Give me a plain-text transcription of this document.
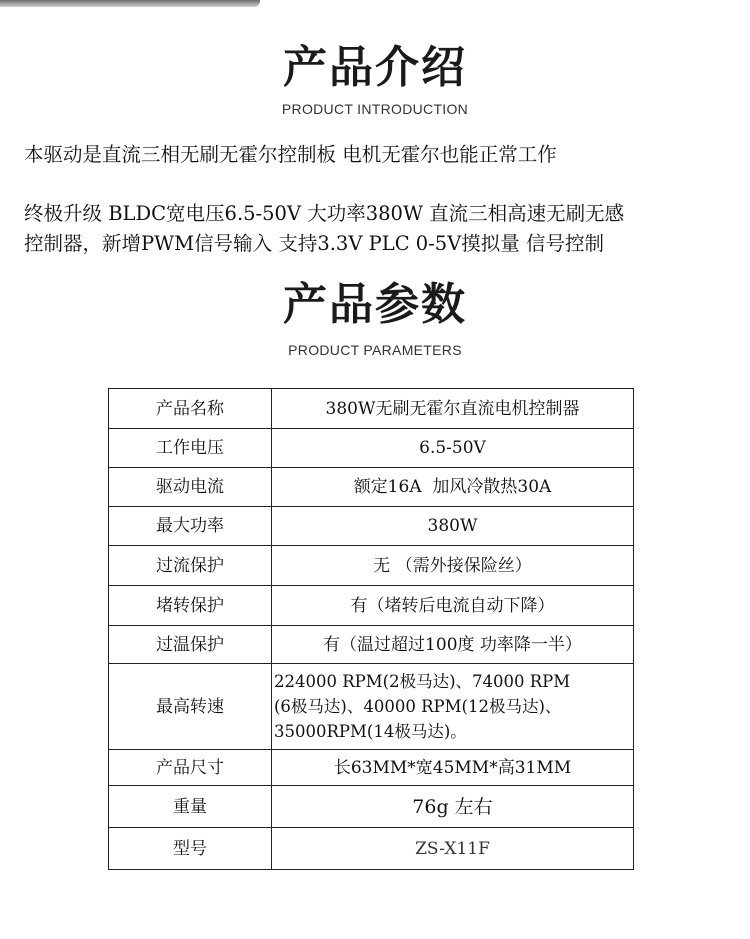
产品介绍
PRODUCT INTRODUCTION
本驱动是直流三相无刷无霍尔控制板 电机无霍尔也能正常工作
终极升级 BLDC宽电压6.5-50V 大功率380W 直流三相高速无刷无感
控制器，新增PWM信号输入 支持3.3V PLC 0-5V摸拟量 信号控制
产品参数
PRODUCT PARAMETERS
产品名称	380W无刷无霍尔直流电机控制器
工作电压	6.5-50V
驱动电流	额定16A  加风冷散热30A
最大功率	380W
过流保护	无 （需外接保险丝）
堵转保护	有（堵转后电流自动下降）
过温保护	有（温过超过100度 功率降一半）
最高转速	224000 RPM(2极马达)、74000 RPM
(6极马达)、40000 RPM(12极马达)、
35000RPM(14极马达)。

产品尺寸	长63MM*宽45MM*高31MM
重量	76g 左右
型号	ZS-X11F
